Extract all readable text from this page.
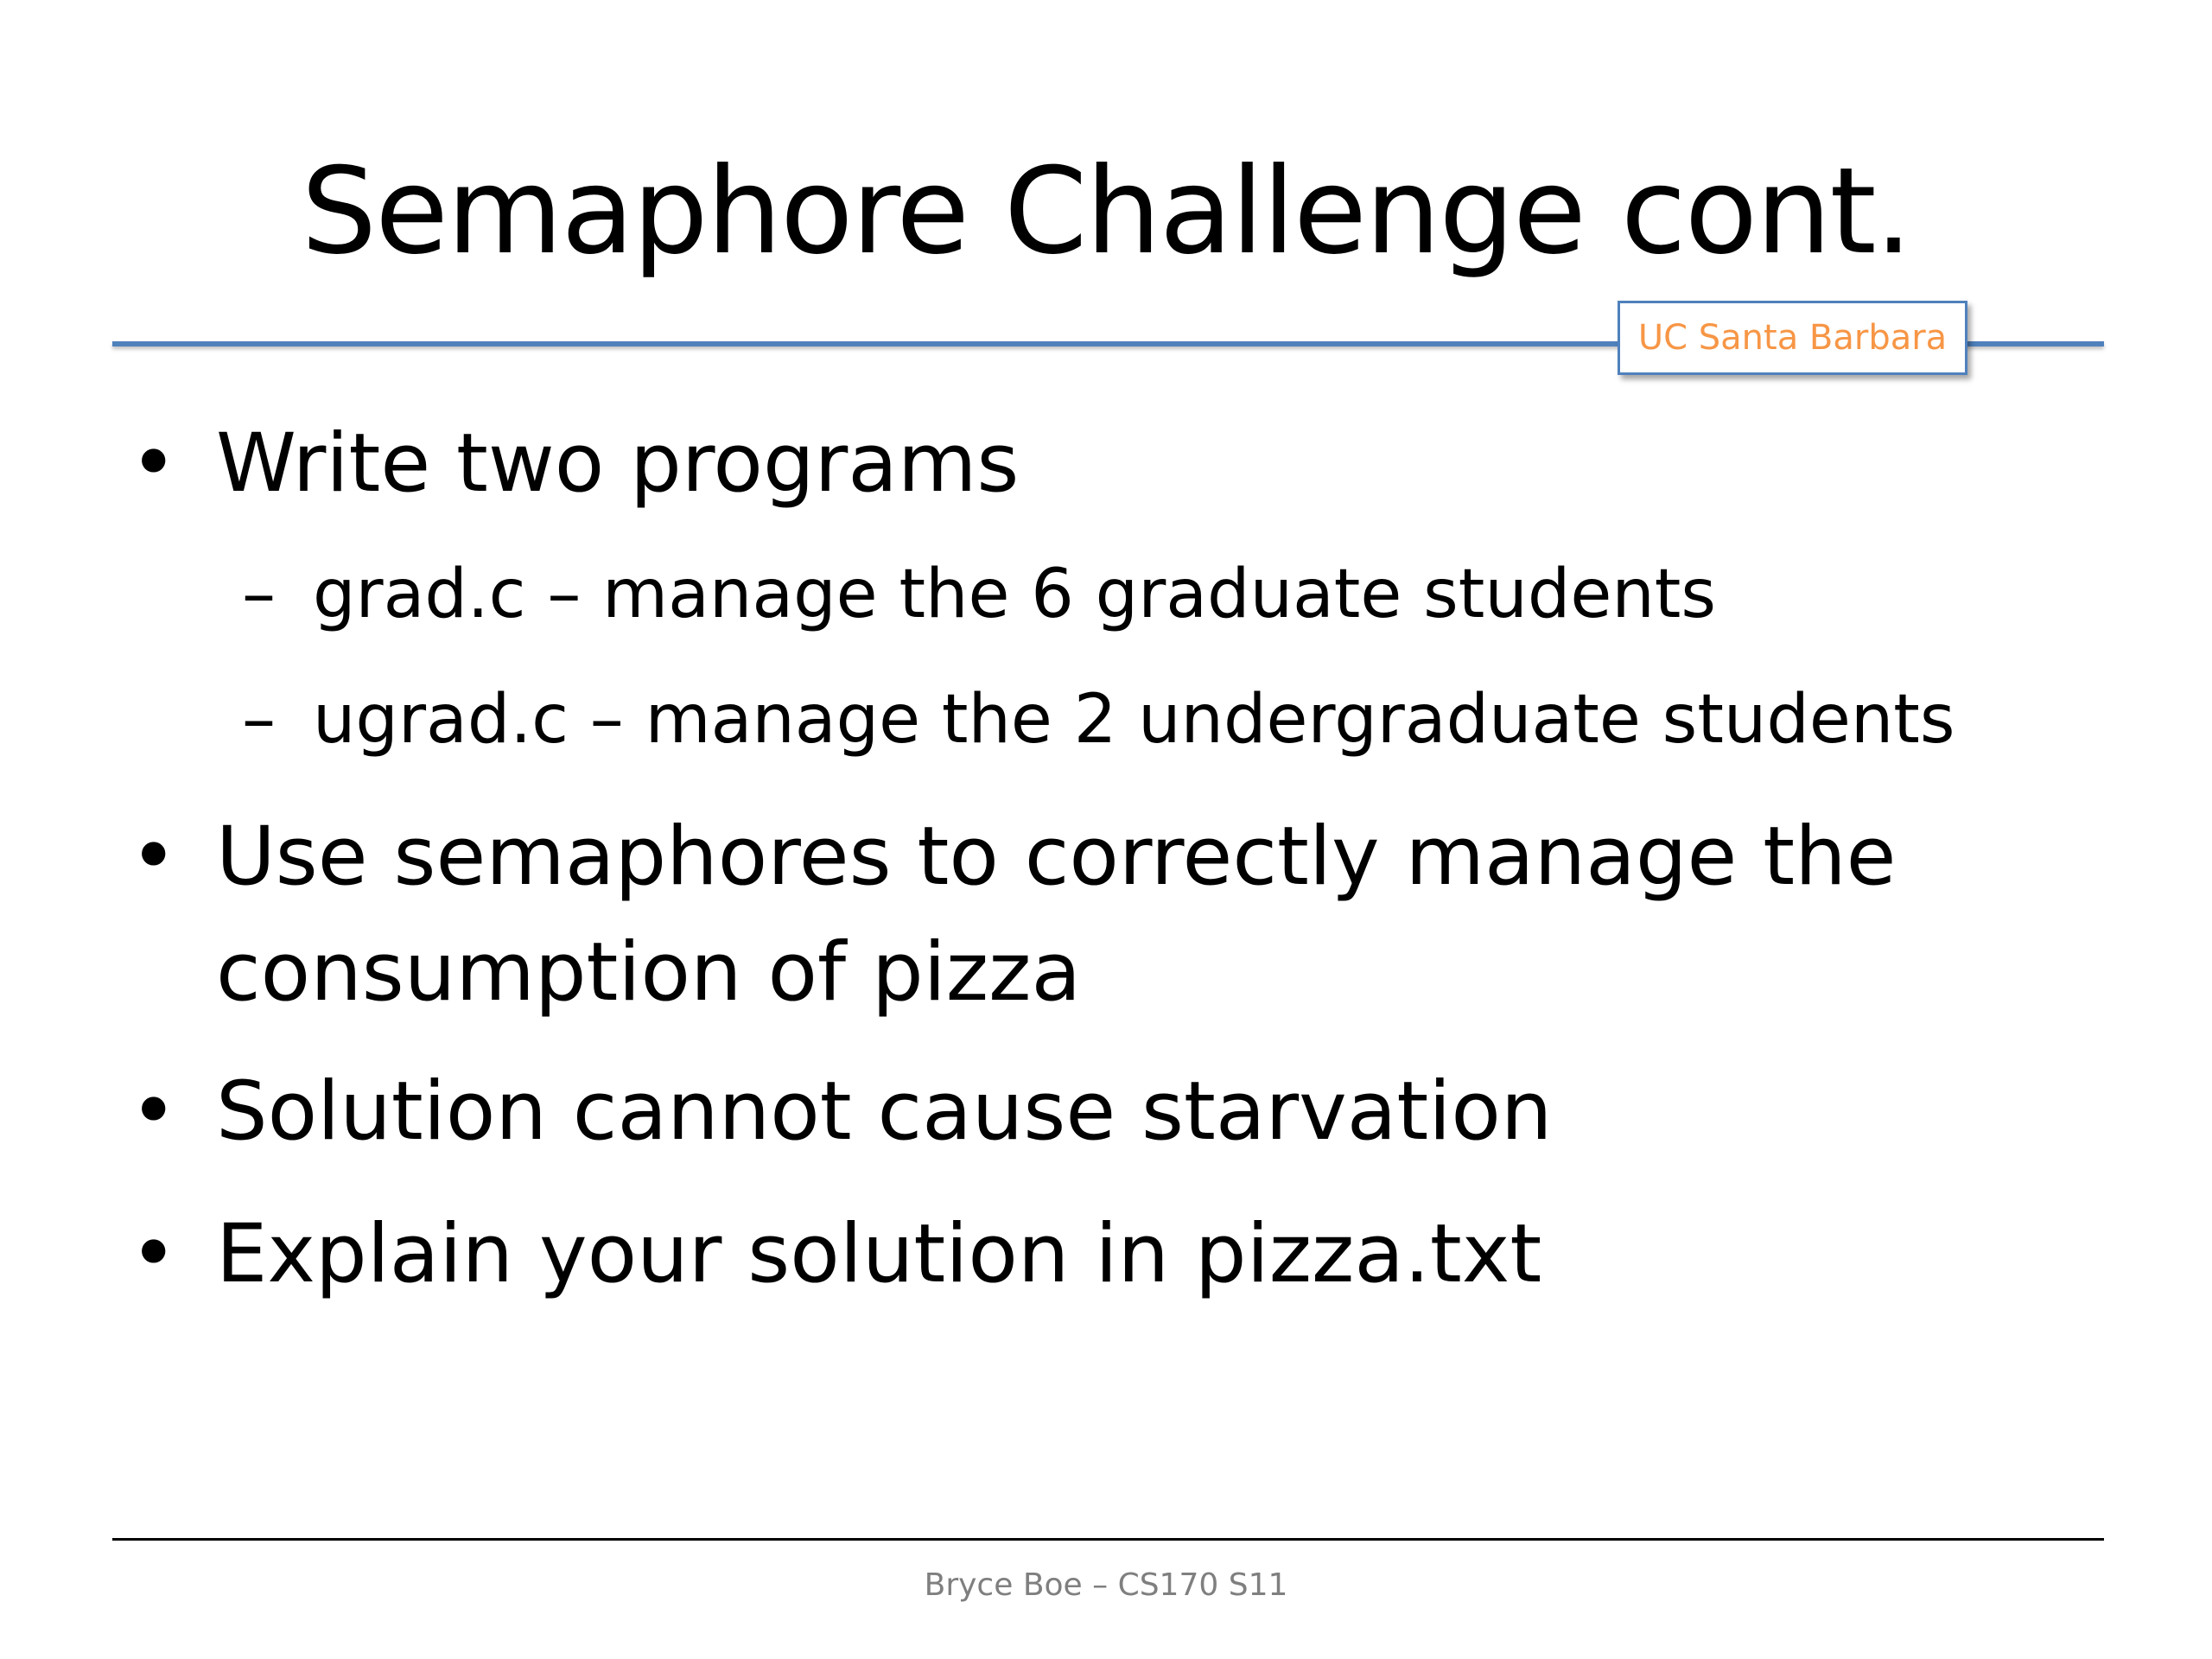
Semaphore Challenge cont.
UC Santa Barbara
• Write two programs
– grad.c – manage the 6 graduate students
– ugrad.c – manage the 2 undergraduate students
• Use semaphores to correctly manage the
consumption of pizza
• Solution cannot cause starvation
• Explain your solution in pizza.txt
Bryce Boe – CS170 S11
